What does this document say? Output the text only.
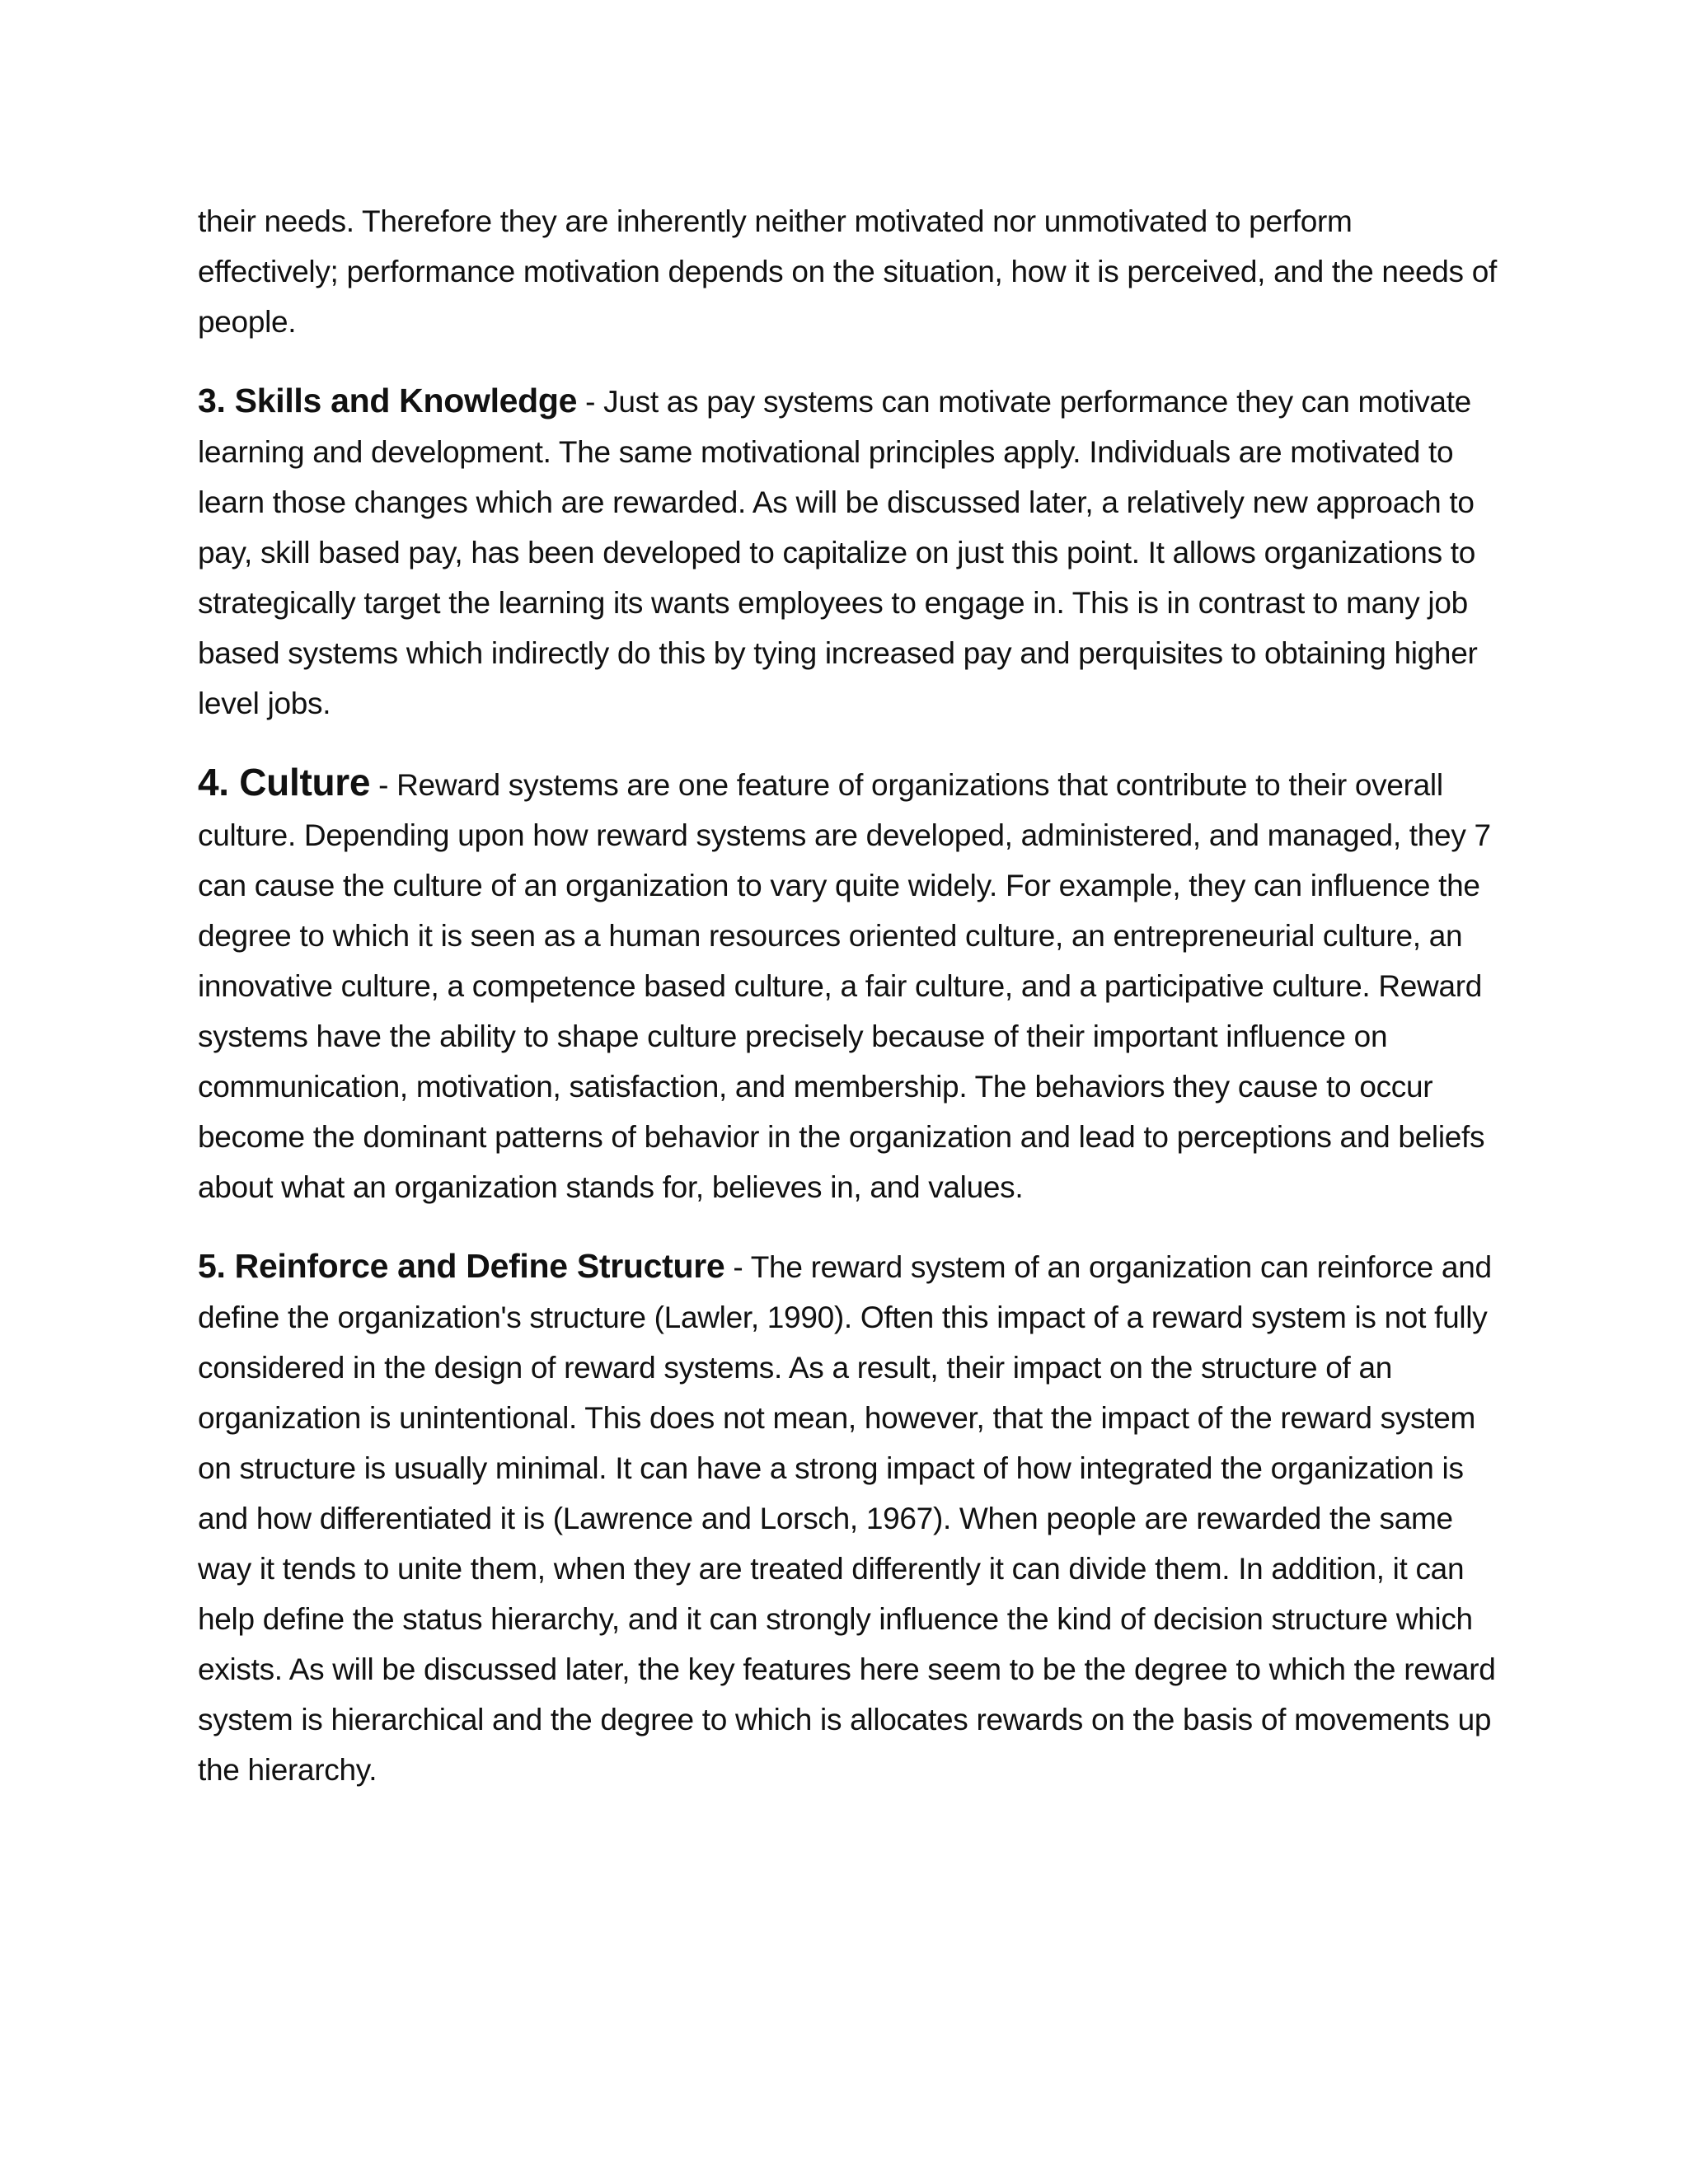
their needs. Therefore they are inherently neither motivated nor unmotivated to perform effectively; performance motivation depends on the situation, how it is perceived, and the needs of people.

3. Skills and Knowledge - Just as pay systems can motivate performance they can motivate learning and development. The same motivational principles apply. Individuals are motivated to learn those changes which are rewarded. As will be discussed later, a relatively new approach to pay, skill based pay, has been developed to capitalize on just this point. It allows organizations to strategically target the learning its wants employees to engage in. This is in contrast to many job based systems which indirectly do this by tying increased pay and perquisites to obtaining higher level jobs.

4. Culture - Reward systems are one feature of organizations that contribute to their overall culture. Depending upon how reward systems are developed, administered, and managed, they 7 can cause the culture of an organization to vary quite widely. For example, they can influence the degree to which it is seen as a human resources oriented culture, an entrepreneurial culture, an innovative culture, a competence based culture, a fair culture, and a participative culture. Reward systems have the ability to shape culture precisely because of their important influence on communication, motivation, satisfaction, and membership. The behaviors they cause to occur become the dominant patterns of behavior in the organization and lead to perceptions and beliefs about what an organization stands for, believes in, and values.

5. Reinforce and Define Structure - The reward system of an organization can reinforce and define the organization's structure (Lawler, 1990). Often this impact of a reward system is not fully considered in the design of reward systems. As a result, their impact on the structure of an organization is unintentional. This does not mean, however, that the impact of the reward system on structure is usually minimal. It can have a strong impact of how integrated the organization is and how differentiated it is (Lawrence and Lorsch, 1967). When people are rewarded the same way it tends to unite them, when they are treated differently it can divide them. In addition, it can help define the status hierarchy, and it can strongly influence the kind of decision structure which exists. As will be discussed later, the key features here seem to be the degree to which the reward system is hierarchical and the degree to which is allocates rewards on the basis of movements up the hierarchy.
